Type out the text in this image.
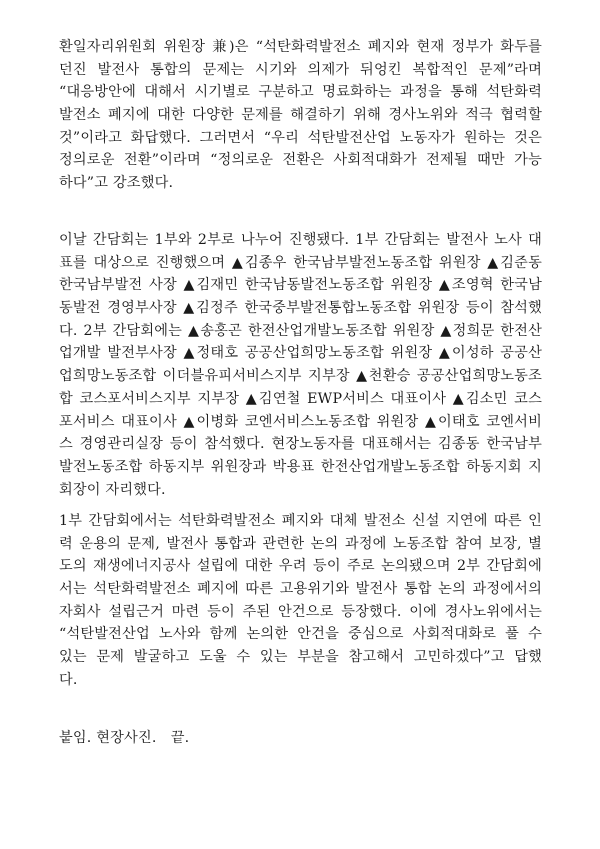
환일자리위원회 위원장 兼)은 “석탄화력발전소 폐지와 현재 정부가 화두를
던진 발전사 통합의 문제는 시기와 의제가 뒤엉킨 복합적인 문제”라며
“대응방안에 대해서 시기별로 구분하고 명료화하는 과정을 통해 석탄화력
발전소 폐지에 대한 다양한 문제를 해결하기 위해 경사노위와 적극 협력할
것”이라고 화답했다. 그러면서 “우리 석탄발전산업 노동자가 원하는 것은
정의로운 전환”이라며 “정의로운 전환은 사회적대화가 전제될 때만 가능
하다”고 강조했다.
이날 간담회는 1부와 2부로 나누어 진행됐다. 1부 간담회는 발전사 노사 대
표를 대상으로 진행했으며 ▲김종우 한국남부발전노동조합 위원장 ▲김준동
한국남부발전 사장 ▲김재민 한국남동발전노동조합 위원장 ▲조영혁 한국남
동발전 경영부사장 ▲김정주 한국중부발전통합노동조합 위원장 등이 참석했
다. 2부 간담회에는 ▲송홍곤 한전산업개발노동조합 위원장 ▲정희문 한전산
업개발 발전부사장 ▲정태호 공공산업희망노동조합 위원장 ▲이성하 공공산
업희망노동조합 이더블유피서비스지부 지부장 ▲천환승 공공산업희망노동조
합 코스포서비스지부 지부장 ▲김연철 EWP서비스 대표이사 ▲김소민 코스
포서비스 대표이사 ▲이병화 코엔서비스노동조합 위원장 ▲이태호 코엔서비
스 경영관리실장 등이 참석했다. 현장노동자를 대표해서는 김종동 한국남부
발전노동조합 하동지부 위원장과 박용표 한전산업개발노동조합 하동지회 지
회장이 자리했다.
1부 간담회에서는 석탄화력발전소 폐지와 대체 발전소 신설 지연에 따른 인
력 운용의 문제, 발전사 통합과 관련한 논의 과정에 노동조합 참여 보장, 별
도의 재생에너지공사 설립에 대한 우려 등이 주로 논의됐으며 2부 간담회에
서는 석탄화력발전소 폐지에 따른 고용위기와 발전사 통합 논의 과정에서의
자회사 설립근거 마련 등이 주된 안건으로 등장했다. 이에 경사노위에서는
“석탄발전산업 노사와 함께 논의한 안건을 중심으로 사회적대화로 풀 수
있는 문제 발굴하고 도울 수 있는 부분을 참고해서 고민하겠다”고 답했
다.
붙임. 현장사진.   끝.
